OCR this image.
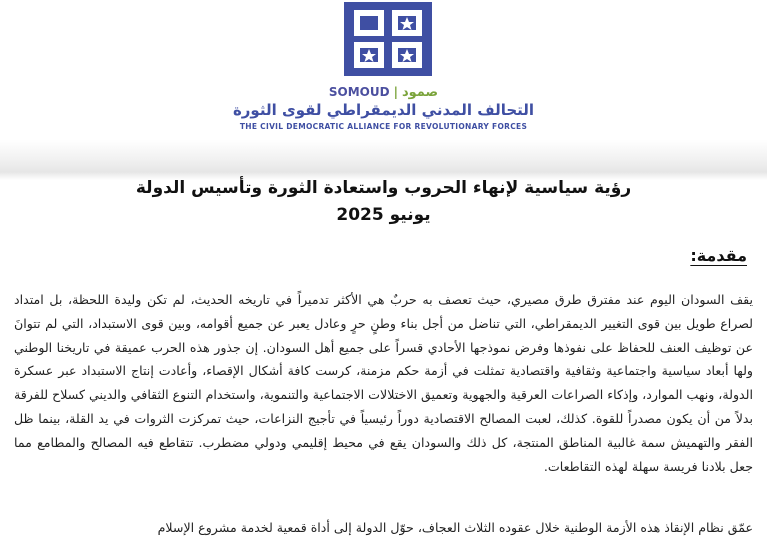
SOMOUD | صمود
التحالف المدني الديمقراطي لقوى الثورة
THE CIVIL DEMOCRATIC ALLIANCE FOR REVOLUTIONARY FORCES
رؤية سياسية لإنهاء الحروب واستعادة الثورة وتأسيس الدولة
يونيو 2025
مقدمة:
يقف السودان اليوم عند مفترق طرق مصيري، حيث تعصف به حربٌ هي الأكثر تدميراً في تاريخه الحديث، لم تكن وليدة اللحظة، بل امتداد لصراع طويل بين قوى التغيير الديمقراطي، التي تناضل من أجل بناء وطنٍ حرٍ وعادل يعبر عن جميع أقوامه، وبين قوى الاستبداد، التي لم تتوانَ عن توظيف العنف للحفاظ على نفوذها وفرض نموذجها الأحادي قسراً على جميع أهل السودان. إن جذور هذه الحرب عميقة في تاريخنا الوطني ولها أبعاد سياسية واجتماعية وثقافية واقتصادية تمثلت في أزمة حكم مزمنة، كرست كافة أشكال الإقصاء، وأعادت إنتاج الاستبداد عبر عسكرة الدولة، ونهب الموارد، وإذكاء الصراعات العرقية والجهوية وتعميق الاختلالات الاجتماعية والتنموية، واستخدام التنوع الثقافي والديني كسلاح للفرقة بدلاً من أن يكون مصدراً للقوة. كذلك، لعبت المصالح الاقتصادية دوراً رئيسياً في تأجيج النزاعات، حيث تمركزت الثروات في يد القلة، بينما ظل الفقر والتهميش سمة غالبية المناطق المنتجة، كل ذلك والسودان يقع في محيط إقليمي ودولي مضطرب. تتقاطع فيه المصالح والمطامع مما جعل بلادنا فريسة سهلة لهذه التقاطعات.
عمّق نظام الإنقاذ هذه الأزمة الوطنية خلال عقوده الثلاث العجاف، حوّل الدولة إلى أداة قمعية لخدمة مشروع الإسلام
